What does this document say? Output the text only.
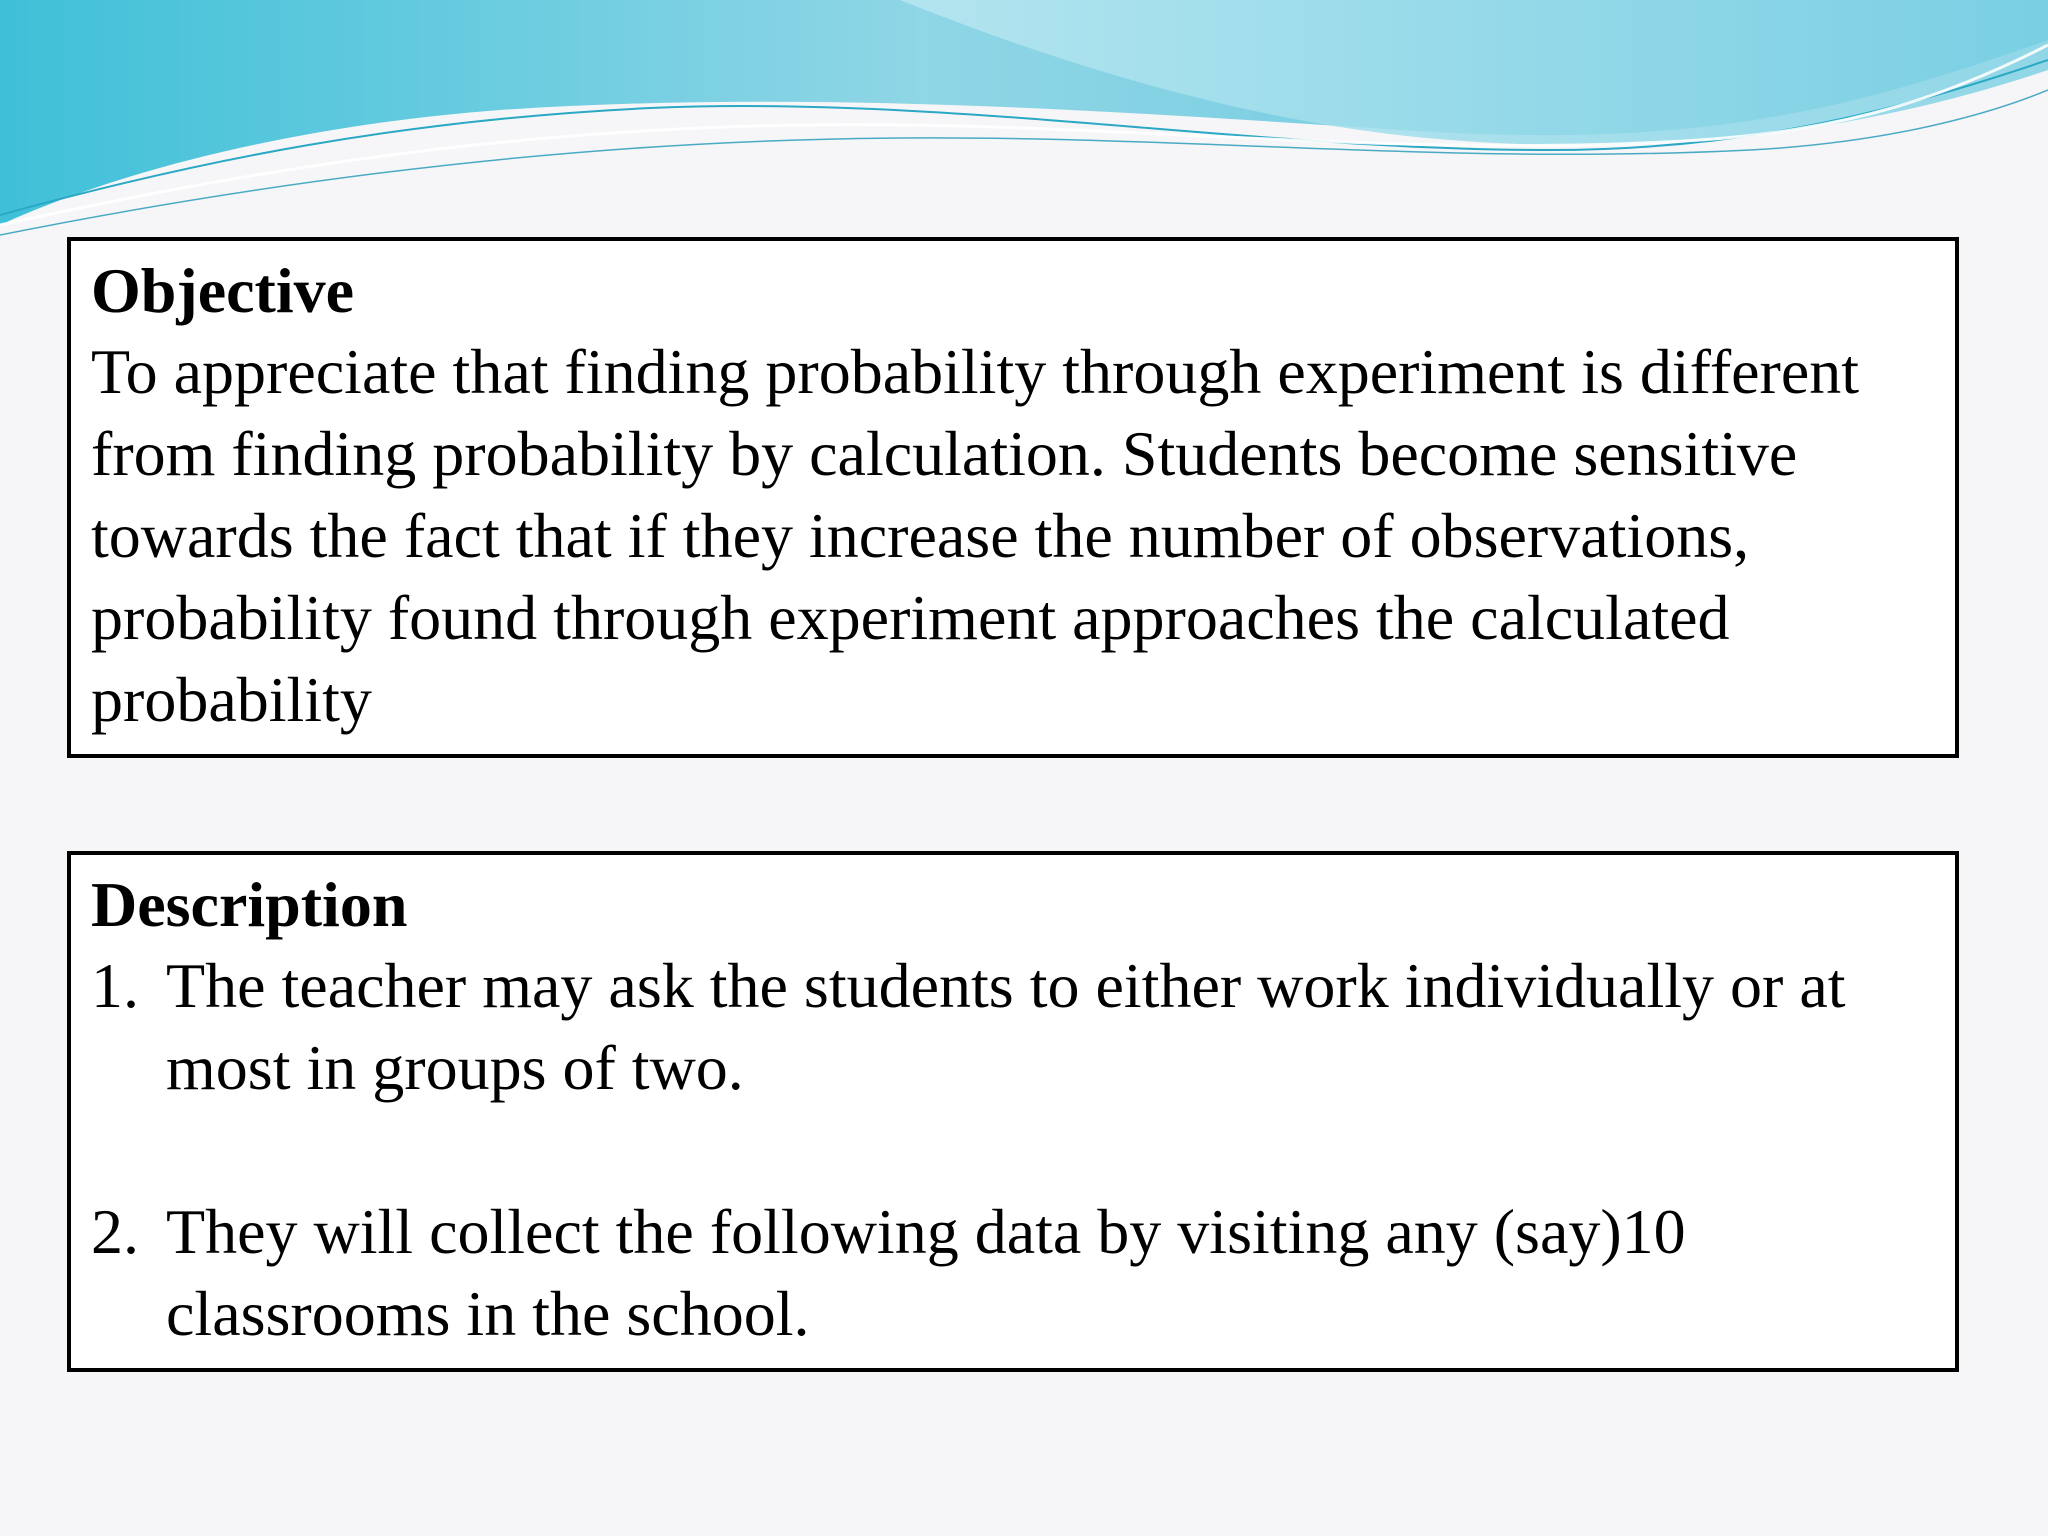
Objective

To appreciate that finding probability through experiment is different from finding probability by calculation. Students become sensitive towards the fact that if they increase the number of observations, probability found through experiment approaches the calculated probability

Description

1. The teacher may ask the students to either work individually or at most in groups of two.
2. They will collect the following data by visiting any (say)10 classrooms in the school.
